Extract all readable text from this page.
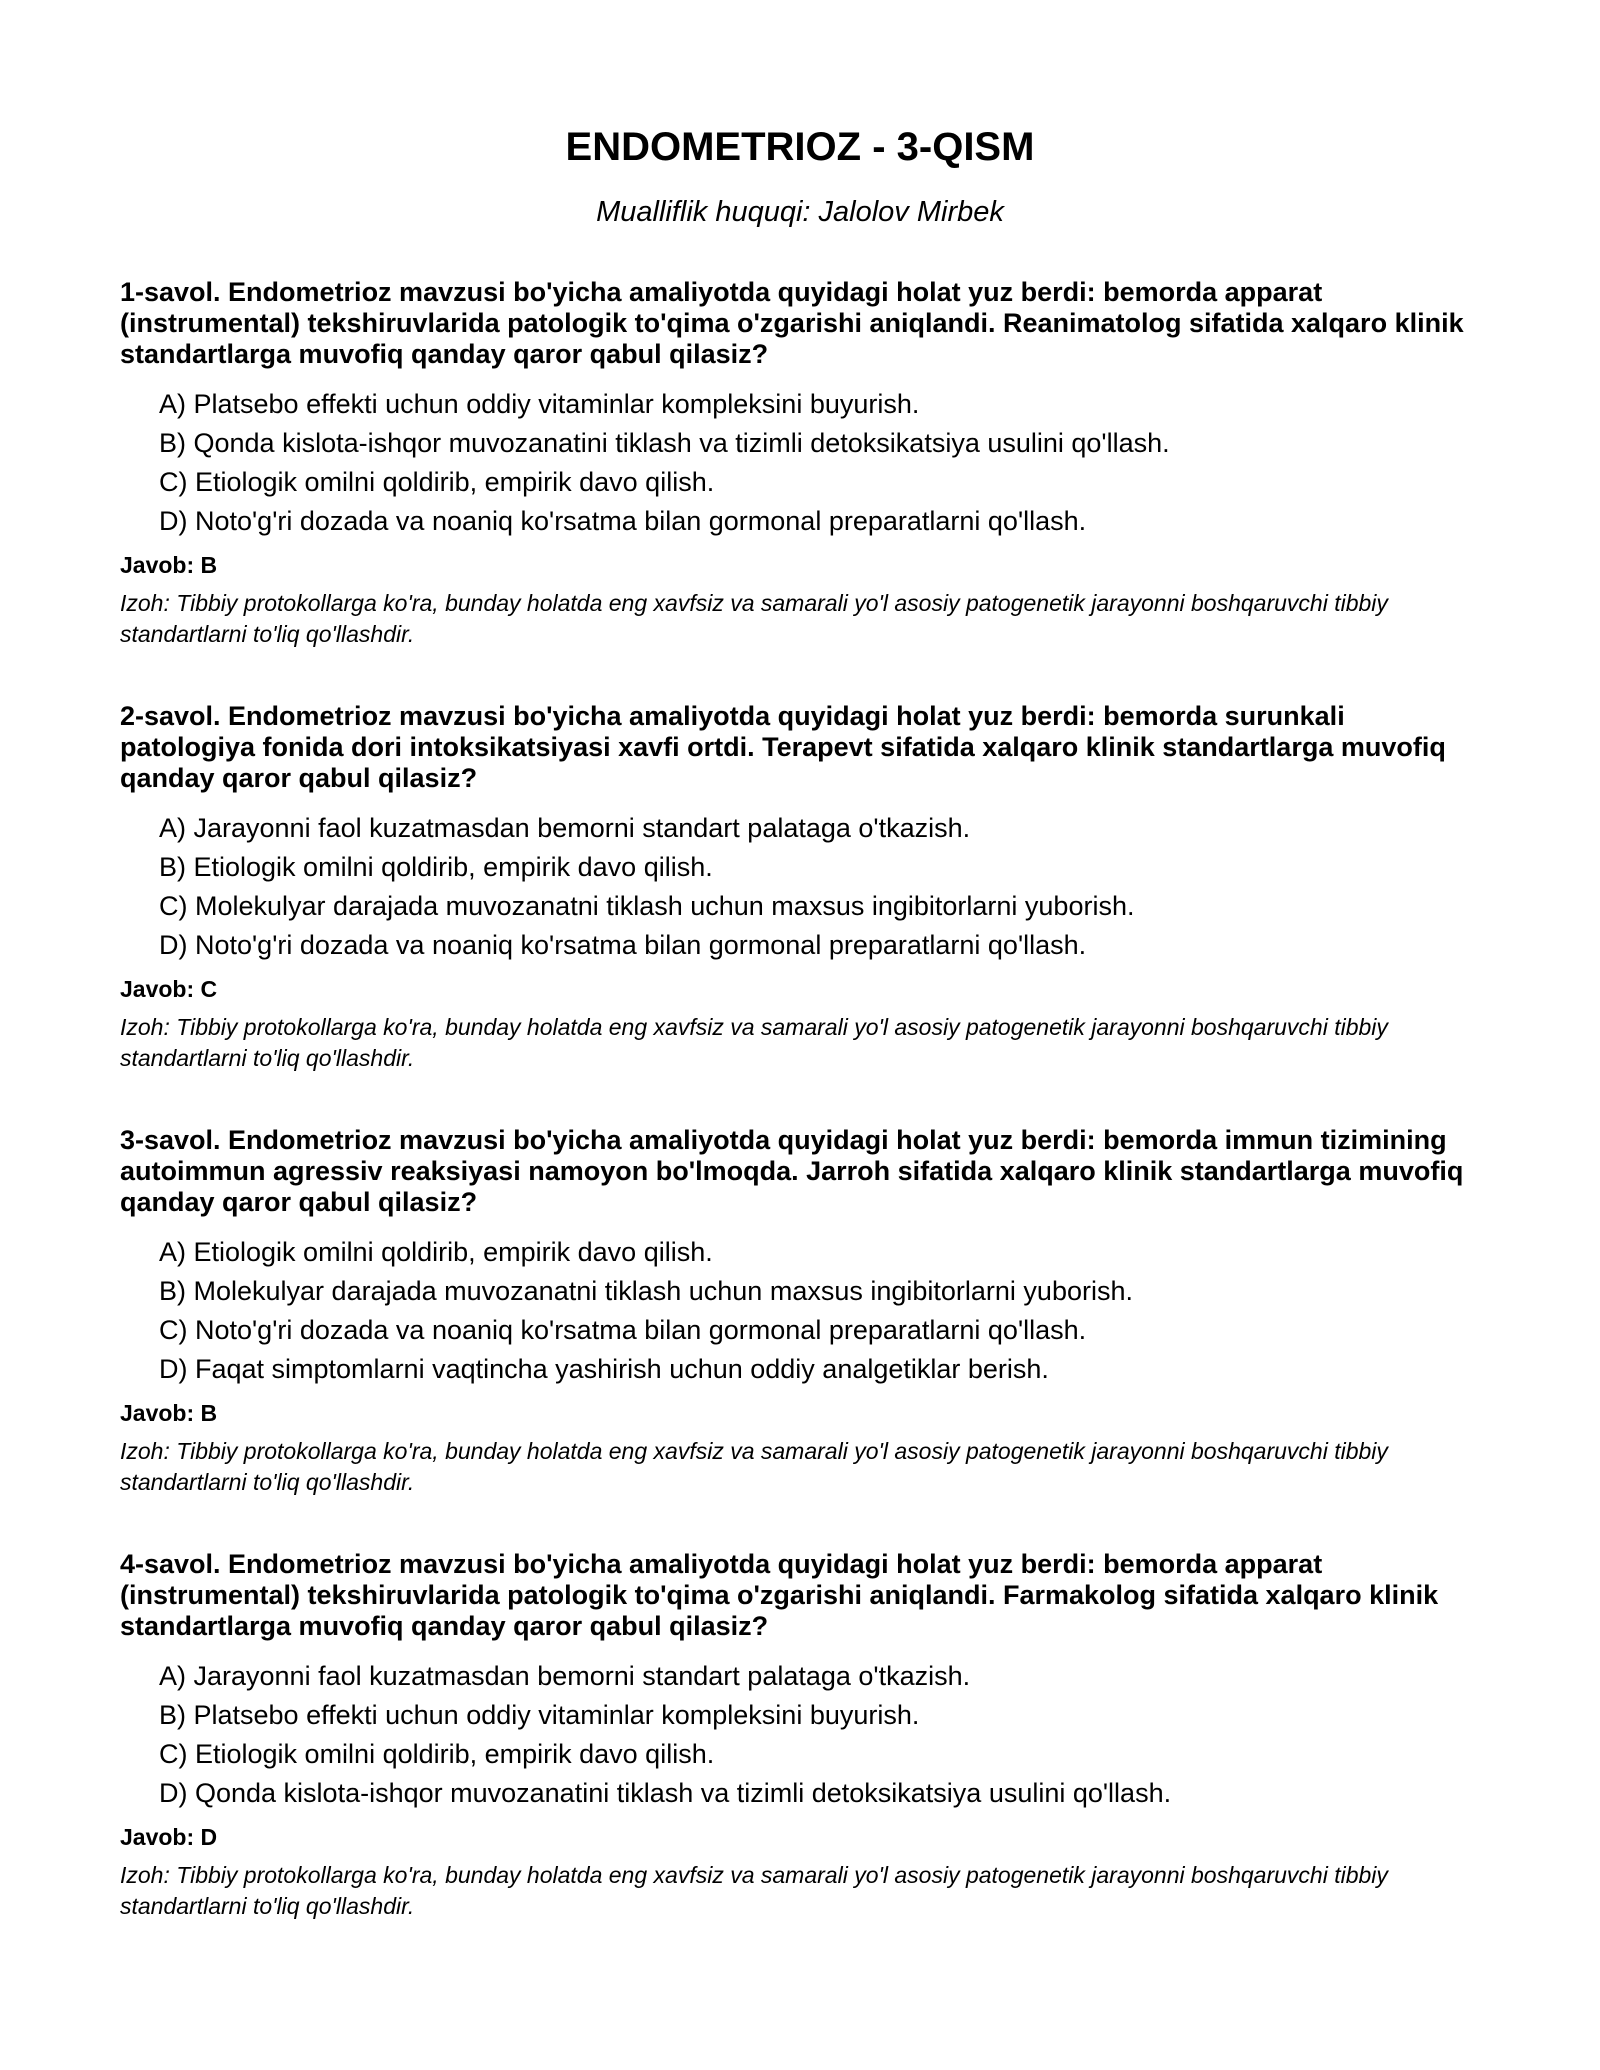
ENDOMETRIOZ - 3-QISM
Mualliflik huquqi: Jalolov Mirbek

1-savol. Endometrioz mavzusi bo'yicha amaliyotda quyidagi holat yuz berdi: bemorda apparat (instrumental) tekshiruvlarida patologik to'qima o'zgarishi aniqlandi. Reanimatolog sifatida xalqaro klinik standartlarga muvofiq qanday qaror qabul qilasiz?

A) Platsebo effekti uchun oddiy vitaminlar kompleksini buyurish.
B) Qonda kislota-ishqor muvozanatini tiklash va tizimli detoksikatsiya usulini qo'llash.
C) Etiologik omilni qoldirib, empirik davo qilish.
D) Noto'g'ri dozada va noaniq ko'rsatma bilan gormonal preparatlarni qo'llash.
Javob: B
Izoh: Tibbiy protokollarga ko'ra, bunday holatda eng xavfsiz va samarali yo'l asosiy patogenetik jarayonni boshqaruvchi tibbiy standartlarni to'liq qo'llashdir.

2-savol. Endometrioz mavzusi bo'yicha amaliyotda quyidagi holat yuz berdi: bemorda surunkali patologiya fonida dori intoksikatsiyasi xavfi ortdi. Terapevt sifatida xalqaro klinik standartlarga muvofiq qanday qaror qabul qilasiz?

A) Jarayonni faol kuzatmasdan bemorni standart palataga o'tkazish.
B) Etiologik omilni qoldirib, empirik davo qilish.
C) Molekulyar darajada muvozanatni tiklash uchun maxsus ingibitorlarni yuborish.
D) Noto'g'ri dozada va noaniq ko'rsatma bilan gormonal preparatlarni qo'llash.
Javob: C
Izoh: Tibbiy protokollarga ko'ra, bunday holatda eng xavfsiz va samarali yo'l asosiy patogenetik jarayonni boshqaruvchi tibbiy standartlarni to'liq qo'llashdir.

3-savol. Endometrioz mavzusi bo'yicha amaliyotda quyidagi holat yuz berdi: bemorda immun tizimining autoimmun agressiv reaksiyasi namoyon bo'lmoqda. Jarroh sifatida xalqaro klinik standartlarga muvofiq qanday qaror qabul qilasiz?

A) Etiologik omilni qoldirib, empirik davo qilish.
B) Molekulyar darajada muvozanatni tiklash uchun maxsus ingibitorlarni yuborish.
C) Noto'g'ri dozada va noaniq ko'rsatma bilan gormonal preparatlarni qo'llash.
D) Faqat simptomlarni vaqtincha yashirish uchun oddiy analgetiklar berish.
Javob: B
Izoh: Tibbiy protokollarga ko'ra, bunday holatda eng xavfsiz va samarali yo'l asosiy patogenetik jarayonni boshqaruvchi tibbiy standartlarni to'liq qo'llashdir.

4-savol. Endometrioz mavzusi bo'yicha amaliyotda quyidagi holat yuz berdi: bemorda apparat (instrumental) tekshiruvlarida patologik to'qima o'zgarishi aniqlandi. Farmakolog sifatida xalqaro klinik standartlarga muvofiq qanday qaror qabul qilasiz?

A) Jarayonni faol kuzatmasdan bemorni standart palataga o'tkazish.
B) Platsebo effekti uchun oddiy vitaminlar kompleksini buyurish.
C) Etiologik omilni qoldirib, empirik davo qilish.
D) Qonda kislota-ishqor muvozanatini tiklash va tizimli detoksikatsiya usulini qo'llash.
Javob: D
Izoh: Tibbiy protokollarga ko'ra, bunday holatda eng xavfsiz va samarali yo'l asosiy patogenetik jarayonni boshqaruvchi tibbiy standartlarni to'liq qo'llashdir.
